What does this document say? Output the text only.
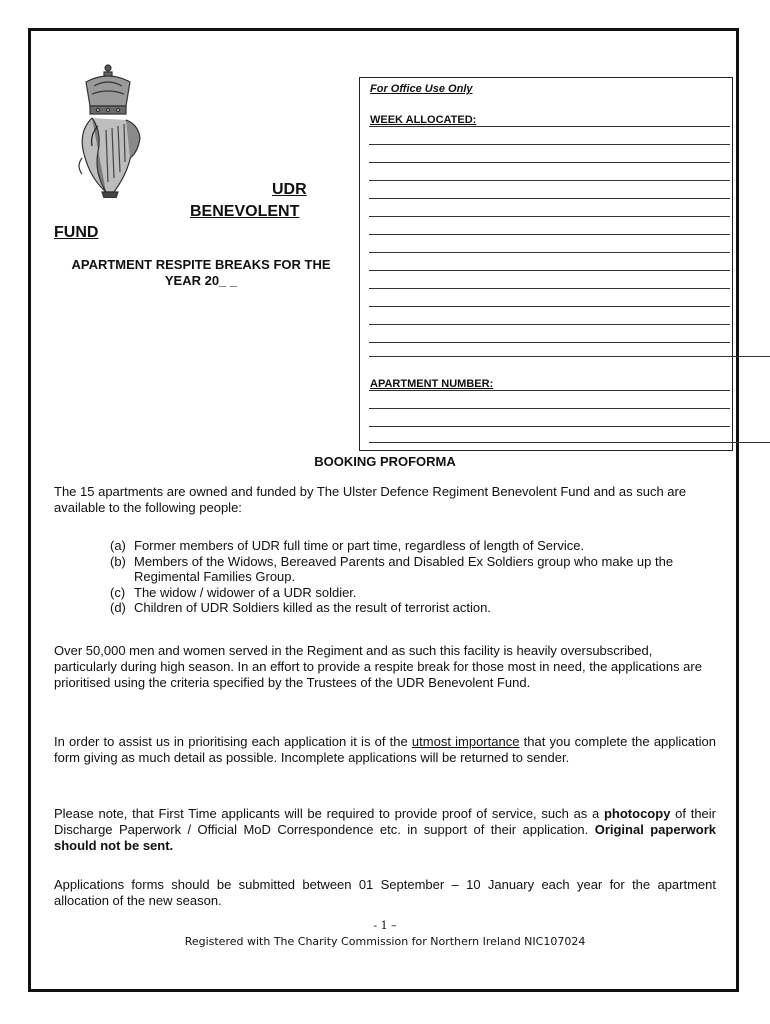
UDR
BENEVOLENT
FUND
APARTMENT RESPITE BREAKS FOR THE YEAR 20_ _
For Office Use Only
WEEK ALLOCATED:
APARTMENT NUMBER:
BOOKING PROFORMA

The 15 apartments are owned and funded by The Ulster Defence Regiment Benevolent Fund and as such are available to the following people:

(a) Former members of UDR full time or part time, regardless of length of Service.
(b) Members of the Widows, Bereaved Parents and Disabled Ex Soldiers group who make up the Regimental Families Group.
(c) The widow / widower of a UDR soldier.
(d) Children of UDR Soldiers killed as the result of terrorist action.

Over 50,000 men and women served in the Regiment and as such this facility is heavily oversubscribed, particularly during high season. In an effort to provide a respite break for those most in need, the applications are prioritised using the criteria specified by the Trustees of the UDR Benevolent Fund.

In order to assist us in prioritising each application it is of the utmost importance that you complete the application form giving as much detail as possible. Incomplete applications will be returned to sender.

Please note, that First Time applicants will be required to provide proof of service, such as a photocopy of their Discharge Paperwork / Official MoD Correspondence etc. in support of their application. Original paperwork should not be sent.

Applications forms should be submitted between 01 September – 10 January each year for the apartment allocation of the new season.

- 1 –
Registered with The Charity Commission for Northern Ireland NIC107024
